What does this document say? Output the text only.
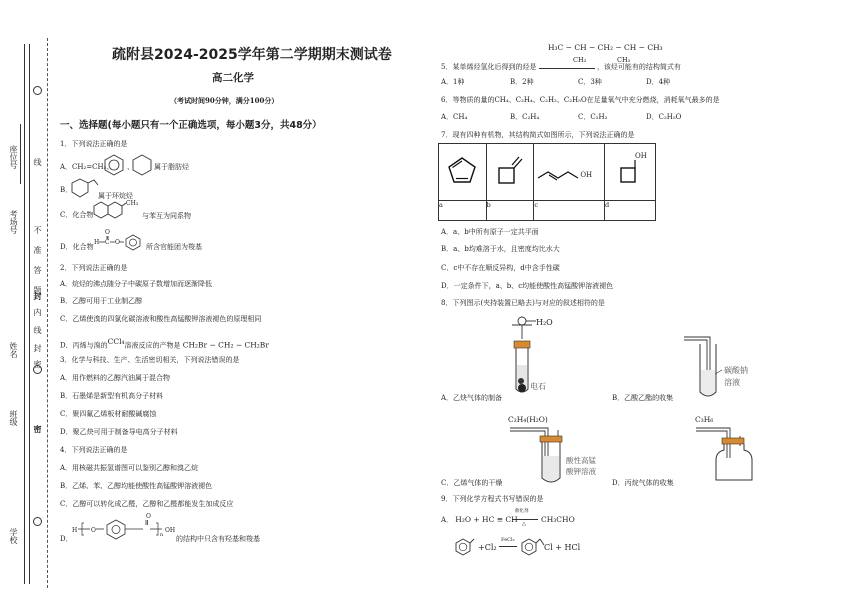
座位号
考场号
姓名
班级
学校
线
不
准
答
题
封
内
线
封
密
密
疏附县2024-2025学年第二学期期末测试卷
高二化学
（考试时间90分钟，满分100分）
一、选择题(每小题只有一个正确选项，每小题3分，共48分）
1．下列说法正确的是
A．CH₂=CH₂、 、	属于脂肪烃
B．
属于环烷烃
C．化合物
CH₃
与苯互为同系物
D．化合物
H C
O
O
所含官能团为羧基
2．下列说法正确的是
A．烷烃的沸点随分子中碳原子数增加而逐渐降低
B．乙醇可用于工业制乙醇
C．乙烯使溴的四氯化碳溶液和酸性高锰酸钾溶液褪色的原理相同
D．丙烯与溴的$^{CCl_4}$溶液反应的产物是 CH₂Br − CH₂ − CH₂Br
3．化学与科技、生产、生活密切相关，下列说法错误的是
A．用作燃料的乙醇汽油属于混合物
B．石墨烯是新型有机高分子材料
C．聚四氟乙烯板材耐酸碱腐蚀
D．聚乙炔可用于制备导电高分子材料
4．下列说法正确的是
A．用核磁共振氢谱图可以鉴别乙醇和溴乙烷
B．乙烯、苯、乙醇均能使酸性高锰酸钾溶液褪色
C．乙醇可以转化成乙醛，乙醇和乙醛都能发生加成反应
D．
H O
O
OH
n 的结构中只含有羟基和羧基
H₃C − CH − CH₂ − CH − CH₃
CH₃	CH₃
5．某单烯烃氢化后得到的烃是	，该烃可能有的结构简式有
A．1种	B．2种	C．3种	D．4种
6．等物质的量的CH₄、C₂H₄、C₂H₂、C₂H₅O在足量氧气中充分燃烧，消耗氧气最多的是
A．CH₄	B．C₂H₄	C．C₂H₂	D．C₂H₅O
7．现有四种有机物，其结构简式如图所示，下列说法正确的是

OH	OH

a	b	c	d
A．a、b中所有原子一定共平面
B．a、b均难溶于水，且密度均比水大
C．c中不存在顺反异构，d中含手性碳
D．一定条件下，a、b、c均能使酸性高锰酸钾溶液褪色
8．下列图示(夹持装置已略去)与对应的叙述相符的是
H₂O
电石
A．乙炔气体的制备
碳酸钠
溶液
B．乙酸乙酯的收集
C₂H₄(H₂O)
酸性高锰
酸钾溶液
C．乙烯气体的干燥
C₃H₆
D．丙烷气体的收集
9．下列化学方程式书写错误的是
A． H₂O + HC ≡ CH
催化剂
△ CH₃CHO
+Cl₂
FeCl₃
Cl + HCl
